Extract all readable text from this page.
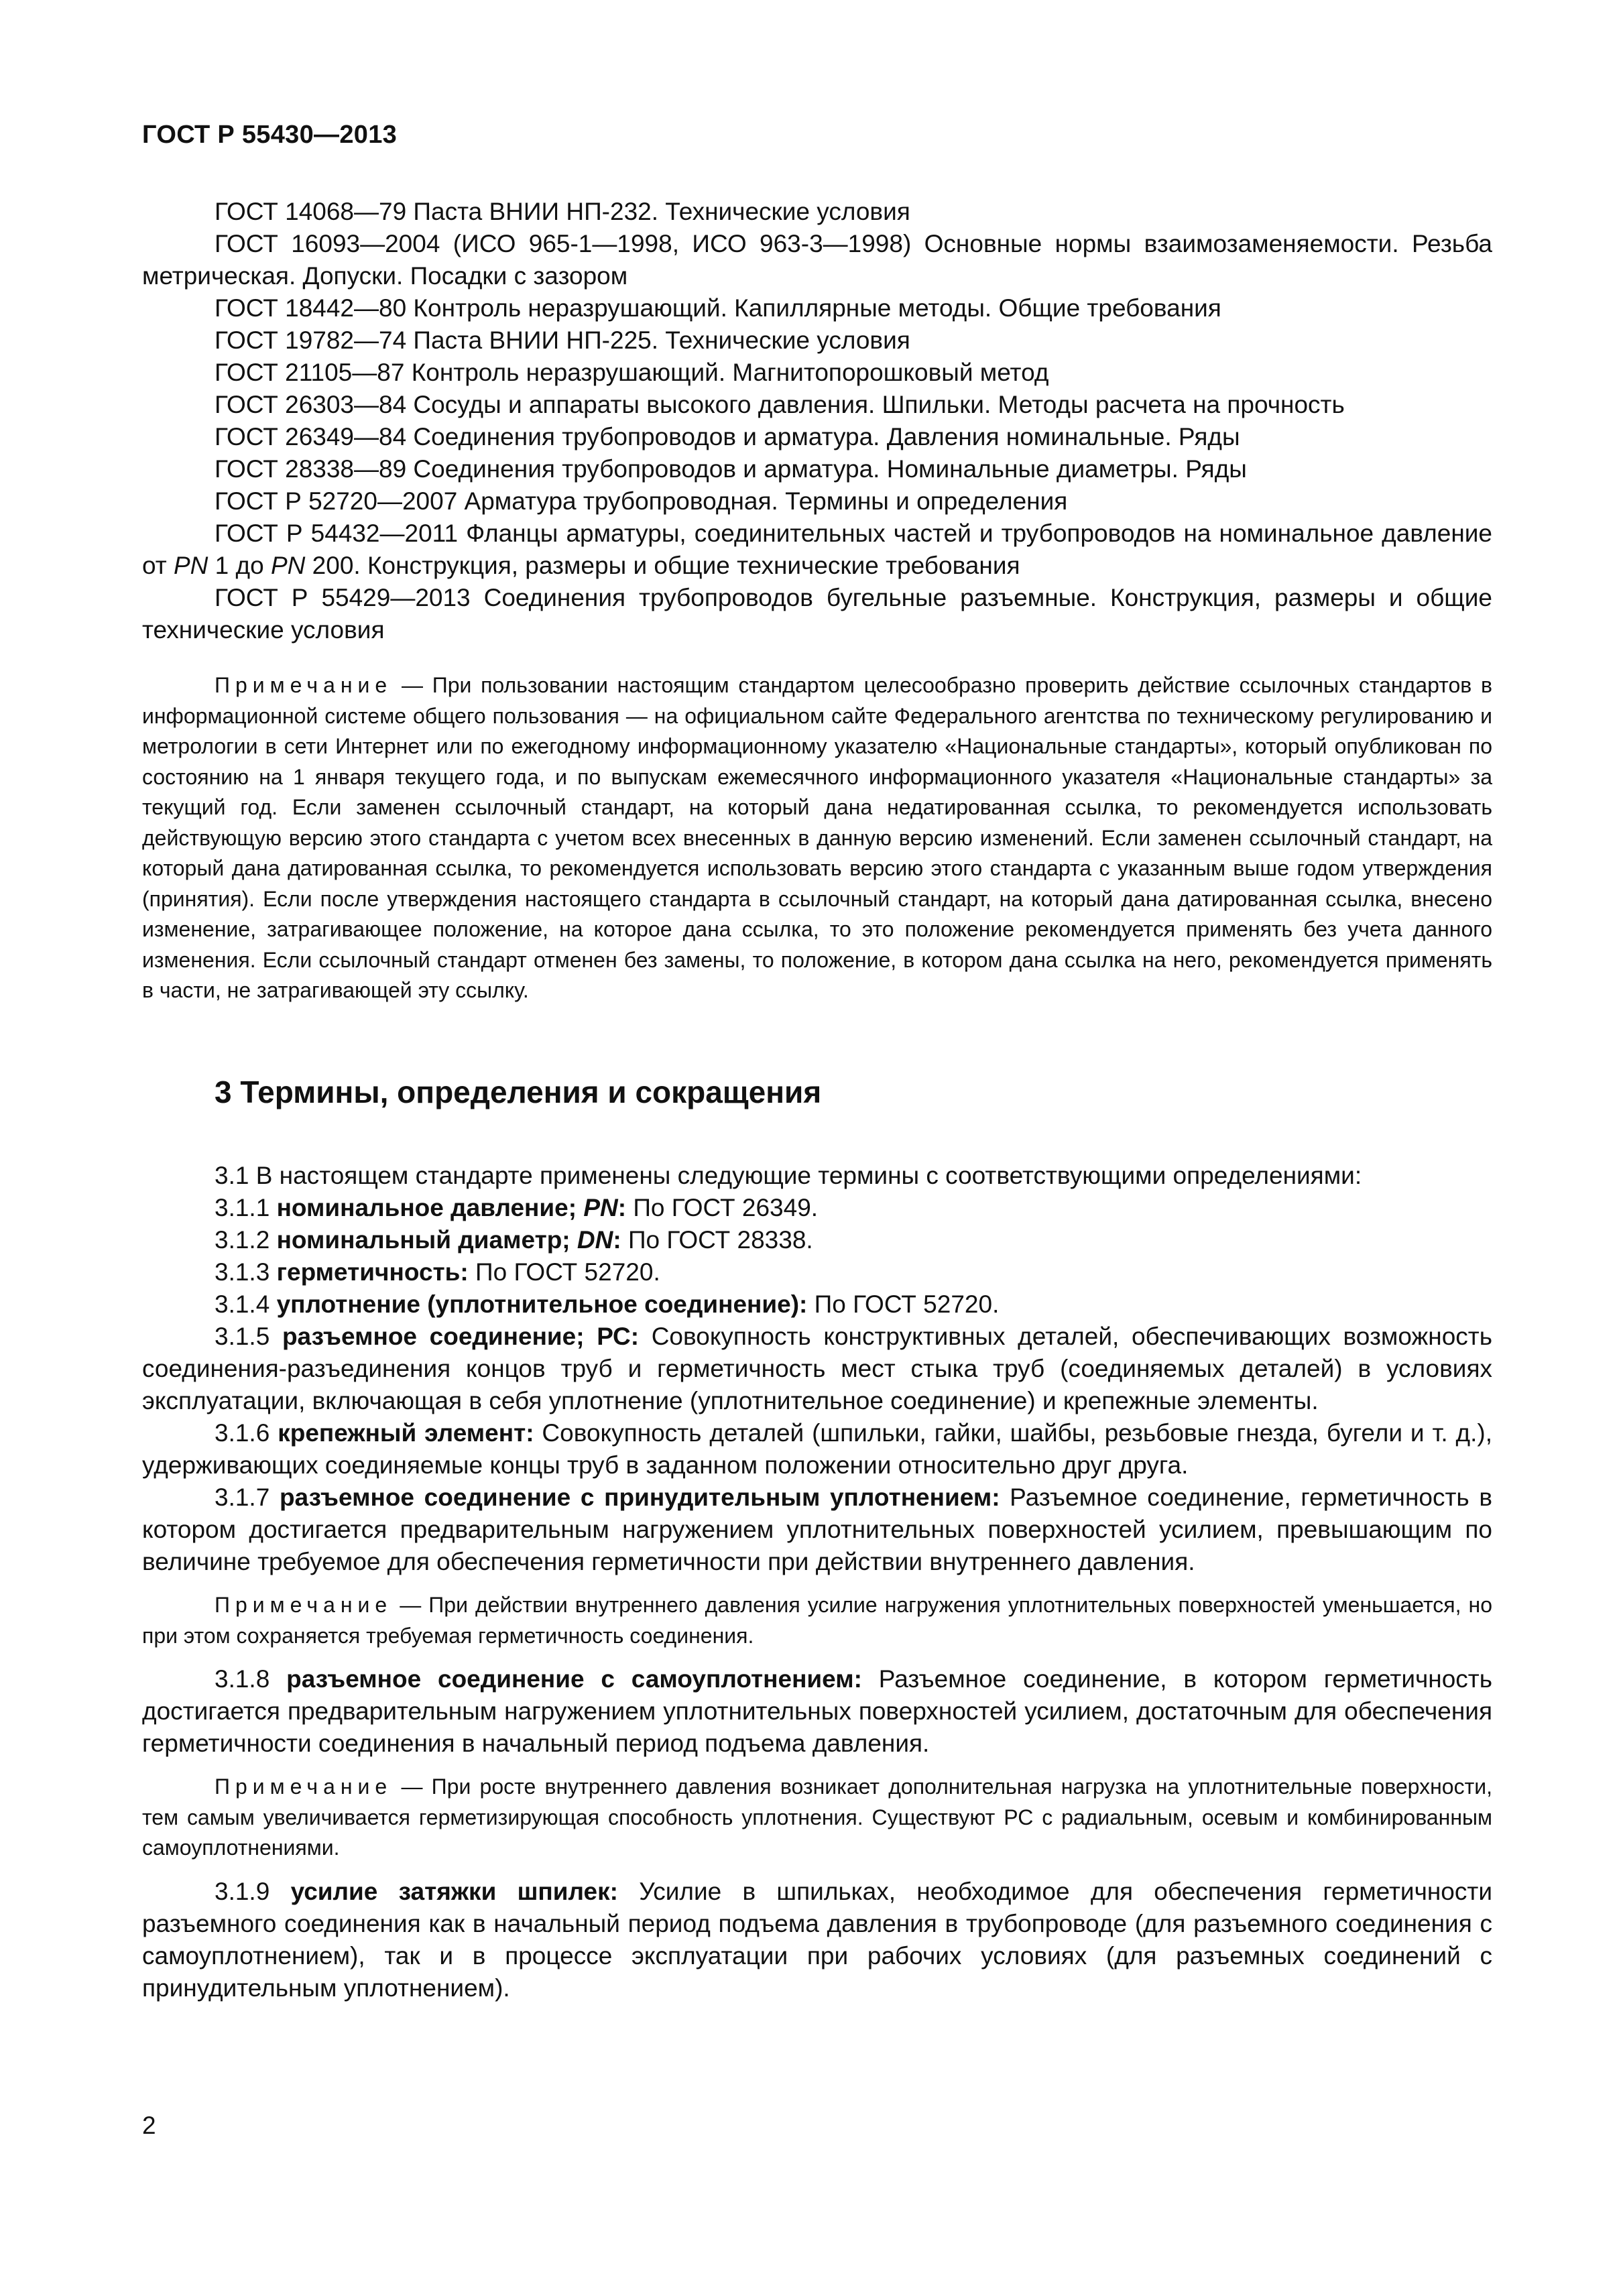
ГОСТ Р 55430—2013

ГОСТ 14068—79 Паста ВНИИ НП-232. Технические условия

ГОСТ 16093—2004 (ИСО 965-1—1998, ИСО 963-3—1998) Основные нормы взаимозаменяемости. Резьба метрическая. Допуски. Посадки с зазором

ГОСТ 18442—80 Контроль неразрушающий. Капиллярные методы. Общие требования

ГОСТ 19782—74 Паста ВНИИ НП-225. Технические условия

ГОСТ 21105—87 Контроль неразрушающий. Магнитопорошковый метод

ГОСТ 26303—84 Сосуды и аппараты высокого давления. Шпильки. Методы расчета на прочность

ГОСТ 26349—84 Соединения трубопроводов и арматура. Давления номинальные. Ряды

ГОСТ 28338—89 Соединения трубопроводов и арматура. Номинальные диаметры. Ряды

ГОСТ Р 52720—2007 Арматура трубопроводная. Термины и определения

ГОСТ Р 54432—2011 Фланцы арматуры, соединительных частей и трубопроводов на номинальное давление от PN 1 до PN 200. Конструкция, размеры и общие технические требования

ГОСТ Р 55429—2013 Соединения трубопроводов бугельные разъемные. Конструкция, размеры и общие технические условия

Примечание — При пользовании настоящим стандартом целесообразно проверить действие ссылочных стандартов в информационной системе общего пользования — на официальном сайте Федерального агентства по техническому регулированию и метрологии в сети Интернет или по ежегодному информационному указателю «Национальные стандарты», который опубликован по состоянию на 1 января текущего года, и по выпускам ежемесячного информационного указателя «Национальные стандарты» за текущий год. Если заменен ссылочный стандарт, на который дана недатированная ссылка, то рекомендуется использовать действующую версию этого стандарта с учетом всех внесенных в данную версию изменений. Если заменен ссылочный стандарт, на который дана датированная ссылка, то рекомендуется использовать версию этого стандарта с указанным выше годом утверждения (принятия). Если после утверждения настоящего стандарта в ссылочный стандарт, на который дана датированная ссылка, внесено изменение, затрагивающее положение, на которое дана ссылка, то это положение рекомендуется применять без учета данного изменения. Если ссылочный стандарт отменен без замены, то положение, в котором дана ссылка на него, рекомендуется применять в части, не затрагивающей эту ссылку.

3 Термины, определения и сокращения

3.1 В настоящем стандарте применены следующие термины с соответствующими определениями:

3.1.1 номинальное давление; PN: По ГОСТ 26349.

3.1.2 номинальный диаметр; DN: По ГОСТ 28338.

3.1.3 герметичность: По ГОСТ 52720.

3.1.4 уплотнение (уплотнительное соединение): По ГОСТ 52720.

3.1.5 разъемное соединение; РС: Совокупность конструктивных деталей, обеспечивающих возможность соединения-разъединения концов труб и герметичность мест стыка труб (соединяемых деталей) в условиях эксплуатации, включающая в себя уплотнение (уплотнительное соединение) и крепежные элементы.

3.1.6 крепежный элемент: Совокупность деталей (шпильки, гайки, шайбы, резьбовые гнезда, бугели и т. д.), удерживающих соединяемые концы труб в заданном положении относительно друг друга.

3.1.7 разъемное соединение с принудительным уплотнением: Разъемное соединение, герметичность в котором достигается предварительным нагружением уплотнительных поверхностей усилием, превышающим по величине требуемое для обеспечения герметичности при действии внутреннего давления.

Примечание — При действии внутреннего давления усилие нагружения уплотнительных поверхностей уменьшается, но при этом сохраняется требуемая герметичность соединения.

3.1.8 разъемное соединение с самоуплотнением: Разъемное соединение, в котором герметичность достигается предварительным нагружением уплотнительных поверхностей усилием, достаточным для обеспечения герметичности соединения в начальный период подъема давления.

Примечание — При росте внутреннего давления возникает дополнительная нагрузка на уплотнительные поверхности, тем самым увеличивается герметизирующая способность уплотнения. Существуют РС с радиальным, осевым и комбинированным самоуплотнениями.

3.1.9 усилие затяжки шпилек: Усилие в шпильках, необходимое для обеспечения герметичности разъемного соединения как в начальный период подъема давления в трубопроводе (для разъемного соединения с самоуплотнением), так и в процессе эксплуатации при рабочих условиях (для разъемных соединений с принудительным уплотнением).

2
